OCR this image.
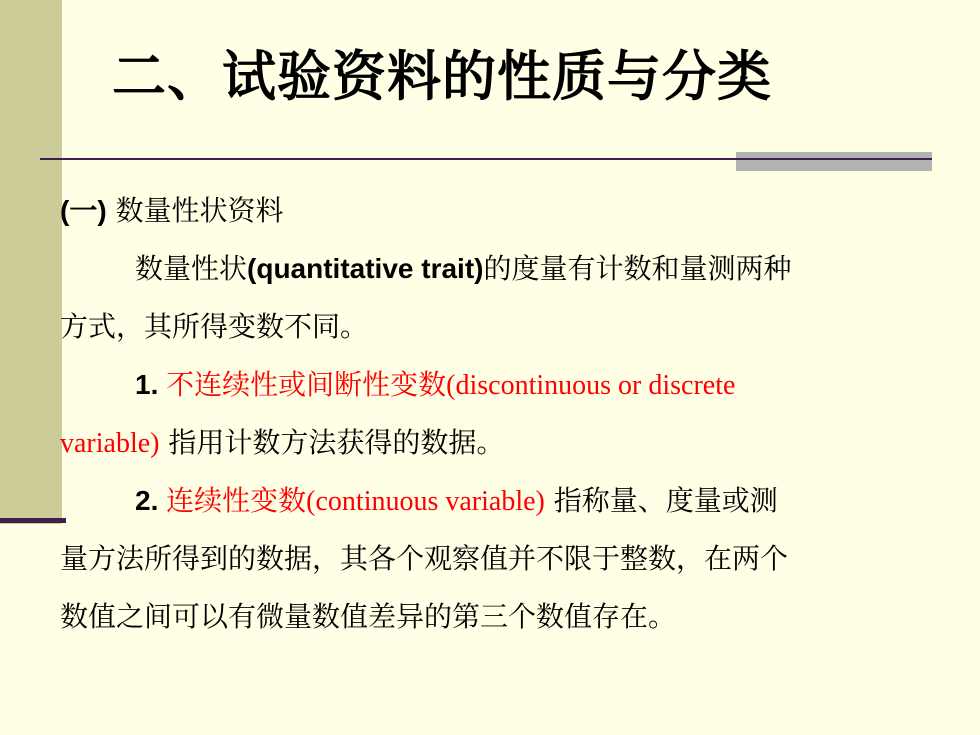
二、试验资料的性质与分类
(一) 数量性状资料
数量性状(quantitative trait)的度量有计数和量测两种
方式，其所得变数不同。
1. 不连续性或间断性变数(discontinuous or discrete
variable) 指用计数方法获得的数据。
2. 连续性变数(continuous variable) 指称量、度量或测
量方法所得到的数据，其各个观察值并不限于整数，在两个
数值之间可以有微量数值差异的第三个数值存在。
